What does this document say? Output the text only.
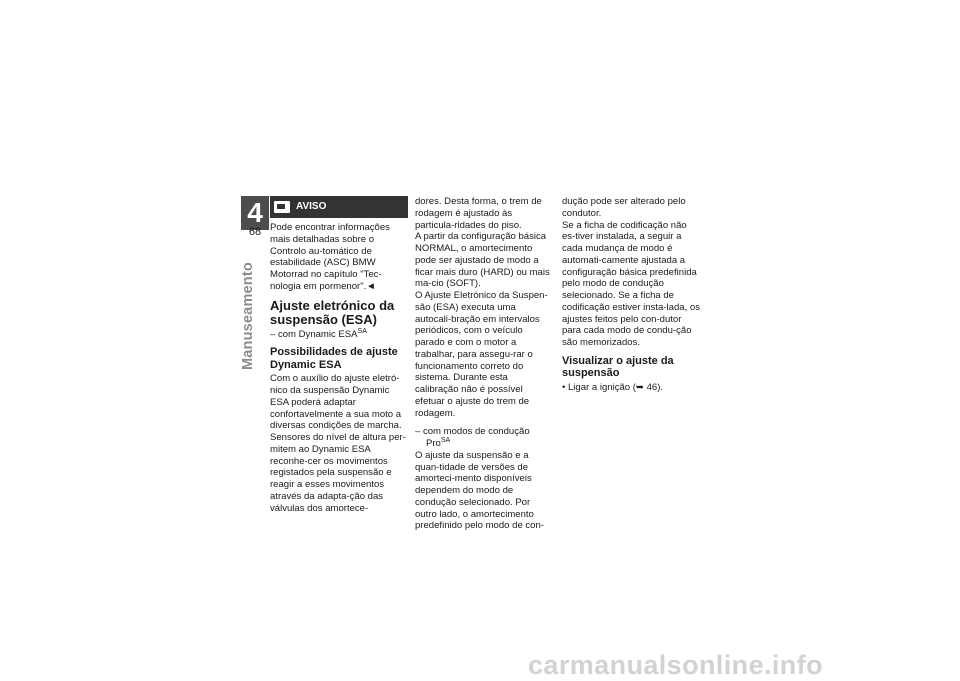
4
68
Manuseamento
AVISO

Pode encontrar informações mais detalhadas sobre o Controlo au-tomático de estabilidade (ASC) BMW Motorrad no capítulo "Tec-nologia em pormenor".◄

Ajuste eletrónico da suspensão (ESA)

– com Dynamic $ESA^{SA}$

Possibilidades de ajuste Dynamic ESA

Com o auxílio do ajuste eletró-nico da suspensão Dynamic ESA poderá adaptar confortavelmente a sua moto a diversas condições de marcha.

Sensores do nível de altura per-mitem ao Dynamic ESA reconhe-cer os movimentos registados pela suspensão e reagir a esses movimentos através da adapta-ção das válvulas dos amortece-

dores. Desta forma, o trem de rodagem é ajustado às particula-ridades do piso.

A partir da configuração básica NORMAL, o amortecimento pode ser ajustado de modo a ficar mais duro (HARD) ou mais ma-cio (SOFT).

O Ajuste Eletrónico da Suspen-são (ESA) executa uma autocali-bração em intervalos periódicos, com o veículo parado e com o motor a trabalhar, para assegu-rar o funcionamento correto do sistema. Durante esta calibração não é possível efetuar o ajuste do trem de rodagem.

– com modos de condução

Pro$^{SA}$

O ajuste da suspensão e a quan-tidade de versões de amorteci-mento disponíveis dependem do modo de condução selecionado. Por outro lado, o amortecimento predefinido pelo modo de con-

dução pode ser alterado pelo condutor.

Se a ficha de codificação não es-tiver instalada, a seguir a cada mudança de modo é automati-camente ajustada a configuração básica predefinida pelo modo de condução selecionado. Se a ficha de codificação estiver insta-lada, os ajustes feitos pelo con-dutor para cada modo de condu-ção são memorizados.

Visualizar o ajuste da suspensão

• Ligar a ignição (➥ 46).

carmanualsonline.info
